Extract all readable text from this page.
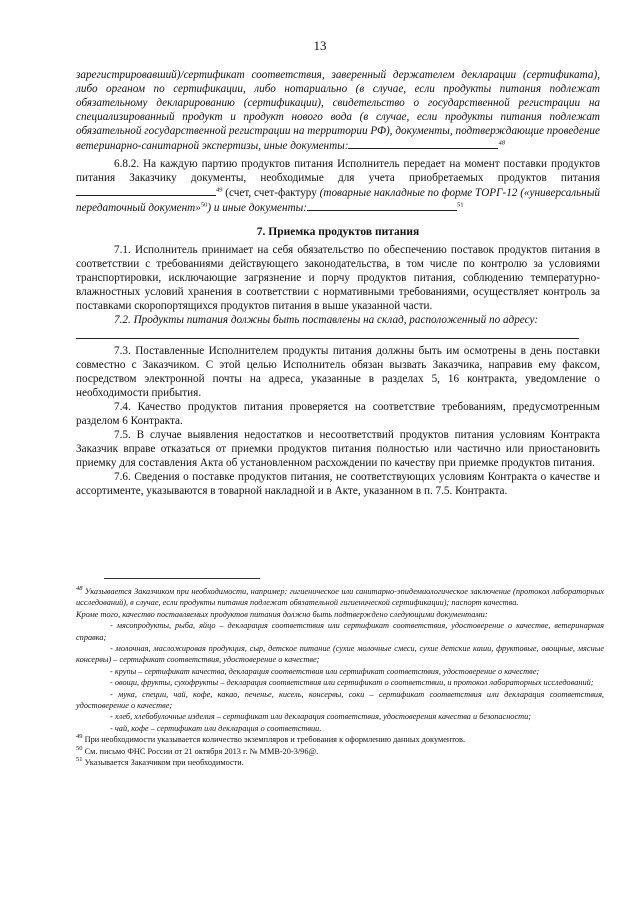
13

зарегистрировавший)/сертификат соответствия, заверенный держателем декларации (сертификата), либо органом по сертификации, либо нотариально (в случае, если продукты питания подлежат обязательному декларированию (сертификации), свидетельство о государственной регистрации на специализированный продукт и продукт нового вода (в случае, если продукты питания подлежат обязательной государственной регистрации на территории РФ), документы, подтверждающие проведение ветеринарно-санитарной экспертизы, иные документы:	$^{48}$

6.8.2. На каждую партию продуктов питания Исполнитель передает на момент поставки продуктов питания Заказчику документы, необходимые для учета приобретаемых продуктов питания $^{49}$ (счет, счет-фактуру (товарные накладные по форме ТОРГ-12 («универсальный передаточный документ»$^{50}$) и иные документы:	$^{51}$

7. Приемка продуктов питания

7.1. Исполнитель принимает на себя обязательство по обеспечению поставок продуктов питания в соответствии с требованиями действующего законодательства, в том числе по контролю за условиями транспортировки, исключающие загрязнение и порчу продуктов питания, соблюдению температурно-влажностных условий хранения в соответствии с нормативными требованиями, осуществляет контроль за поставками скоропортящихся продуктов питания в выше указанной части.

7.2. Продукты питания должны быть поставлены на склад, расположенный по адресу:

7.3. Поставленные Исполнителем продукты питания должны быть им осмотрены в день поставки совместно с Заказчиком. С этой целью Исполнитель обязан вызвать Заказчика, направив ему факсом, посредством электронной почты на адреса, указанные в разделах 5, 16 контракта, уведомление о необходимости прибытия.

7.4. Качество продуктов питания проверяется на соответствие требованиям, предусмотренным разделом 6 Контракта.

7.5. В случае выявления недостатков и несоответствий продуктов питания условиям Контракта Заказчик вправе отказаться от приемки продуктов питания полностью или частично или приостановить приемку для составления Акта об установленном расхождении по качеству при приемке продуктов питания.

7.6. Сведения о поставке продуктов питания, не соответствующих условиям Контракта о качестве и ассортименте, указываются в товарной накладной и в Акте, указанном в п. 7.5. Контракта.

$^{48}$ Указывается Заказчиком при необходимости, например: гигиеническое или санитарно-эпидемиологическое заключение (протокол лабораторных исследований), в случае, если продукты питания подлежат обязательной гигиенической сертификации); паспорт качества.

Кроме того, качество поставляемых продуктов питания должно быть подтверждено следующими документами:

- мясопродукты, рыба, яйцо – декларация соответствия или сертификат соответствия, удостоверение о качестве, ветеринарная справка;

- молочная, масложировая продукция, сыр, детское питание (сухие молочные смеси, сухие детские каши, фруктовые, овощные, мясные консервы) – сертификат соответствия, удостоверение о качестве;

- крупы – сертификат качества, декларация соответствия или сертификат соответствия, удостоверение о качестве;

- овощи, фрукты, сухофрукты – декларация соответствия или сертификат о соответствии, и протокол лабораторных исследований;

- мука, специи, чай, кофе, какао, печенье, кисель, консервы, соки – сертификат соответствия или декларация соответствия, удостоверение о качестве;

- хлеб, хлебобулочные изделия – сертификат или декларация соответствия, удостоверения качества и безопасности;

- чай, кофе – сертификат или декларация о соответствии.

$^{49}$ При необходимости указывается количество экземпляров и требования к оформлению данных документов.

$^{50}$ См. письмо ФНС России от 21 октября 2013 г. № ММВ-20-3/96@.

$^{51}$ Указывается Заказчиком при необходимости.
